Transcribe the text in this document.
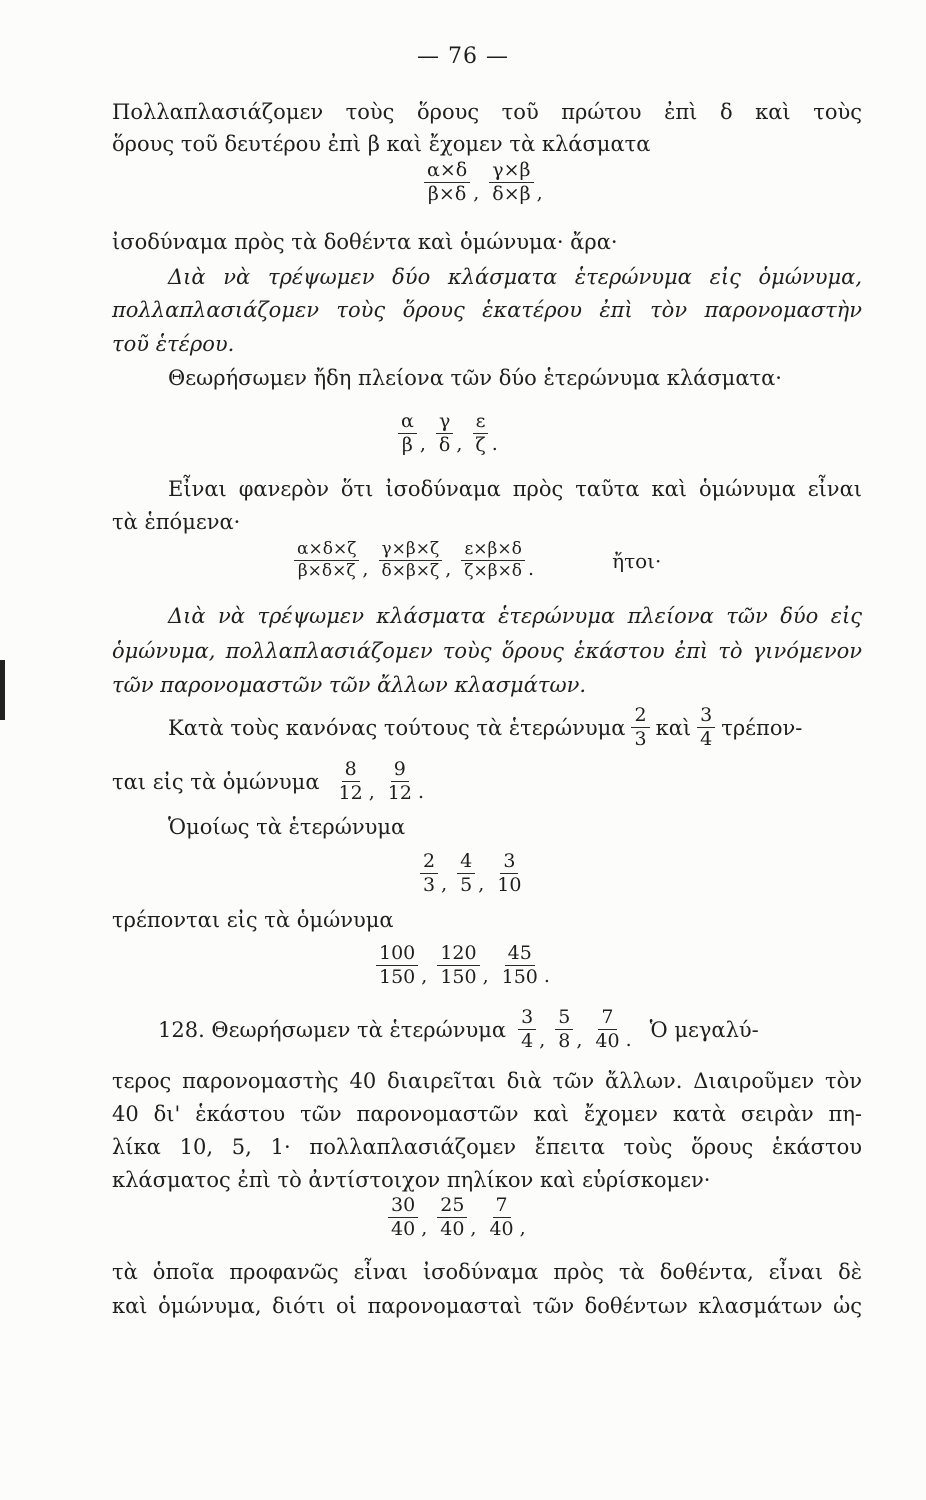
— 76 —
Πολλαπλασιάζομεν τοὺς ὅρους τοῦ πρώτου ἐπὶ δ καὶ τοὺς
ὅρους τοῦ δευτέρου ἐπὶ β καὶ ἔχομεν τὰ κλάσματα
$\frac{\alpha\times\delta}{\beta\times\delta}$ , $\frac{\gamma\times\beta}{\delta\times\beta}$ ,
ἰσοδύναμα πρὸς τὰ δοθέντα καὶ ὁμώνυμα· ἄρα·
Διὰ νὰ τρέψωμεν δύο κλάσματα ἑτερώνυμα εἰς ὁμώνυμα,
πολλαπλασιάζομεν τοὺς ὅρους ἑκατέρου ἐπὶ τὸν παρονομαστὴν
τοῦ ἑτέρου.
Θεωρήσωμεν ἤδη πλείονα τῶν δύο ἑτερώνυμα κλάσματα·
$\frac{\alpha}{\beta}$ , $\frac{\gamma}{\delta}$ , $\frac{\varepsilon}{\zeta}$ .
Εἶναι φανερὸν ὅτι ἰσοδύναμα πρὸς ταῦτα καὶ ὁμώνυμα εἶναι
τὰ ἑπόμενα·
$\frac{\alpha\times\delta\times\zeta}{\beta\times\delta\times\zeta}$ , $\frac{\gamma\times\beta\times\zeta}{\delta\times\beta\times\zeta}$ , $\frac{\varepsilon\times\beta\times\delta}{\zeta\times\beta\times\delta}$ .	ἤτοι·
Διὰ νὰ τρέψωμεν κλάσματα ἑτερώνυμα πλείονα τῶν δύο εἰς
ὁμώνυμα, πολλαπλασιάζομεν τοὺς ὅρους ἑκάστου ἐπὶ τὸ γινόμενον
τῶν παρονομαστῶν τῶν ἄλλων κλασμάτων.
Κατὰ τοὺς κανόνας τούτους τὰ ἑτερώνυμα $\frac{2}{3}$ καὶ $\frac{3}{4} \tau\rho έ\pi o\nu-$
ται εἰς τὰ ὁμώνυμα $\frac{8}{12}$ , $\frac{9}{12}$ .
Ὁμοίως τὰ ἑτερώνυμα
$\frac{2}{3}$ , $\frac{4}{5}$ , $\frac{3}{10}$
τρέπονται εἰς τὰ ὁμώνυμα
$\frac{100}{150}$ , $\frac{120}{150}$ , $\frac{45}{150}$ .
128. Θεωρήσωμεν τὰ ἑτερώνυμα $\frac{3}{4}$ , $\frac{5}{8}$ , $\frac{7}{40}$ . Ὁ μεγαλύ-
τερος παρονομαστὴς 40 διαιρεῖται διὰ τῶν ἄλλων. Διαιροῦμεν τὸν
40 δι' ἑκάστου τῶν παρονομαστῶν καὶ ἔχομεν κατὰ σειρὰν πη-
λίκα 10, 5, 1· πολλαπλασιάζομεν ἔπειτα τοὺς ὅρους ἑκάστου
κλάσματος ἐπὶ τὸ ἀντίστοιχον πηλίκον καὶ εὑρίσκομεν·
$\frac{30}{40}$ , $\frac{25}{40}$ , $\frac{7}{40}$ ,
τὰ ὁποῖα προφανῶς εἶναι ἰσοδύναμα πρὸς τὰ δοθέντα, εἶναι δὲ
καὶ ὁμώνυμα, διότι οἱ παρονομασταὶ τῶν δοθέντων κλασμάτων ὡς
